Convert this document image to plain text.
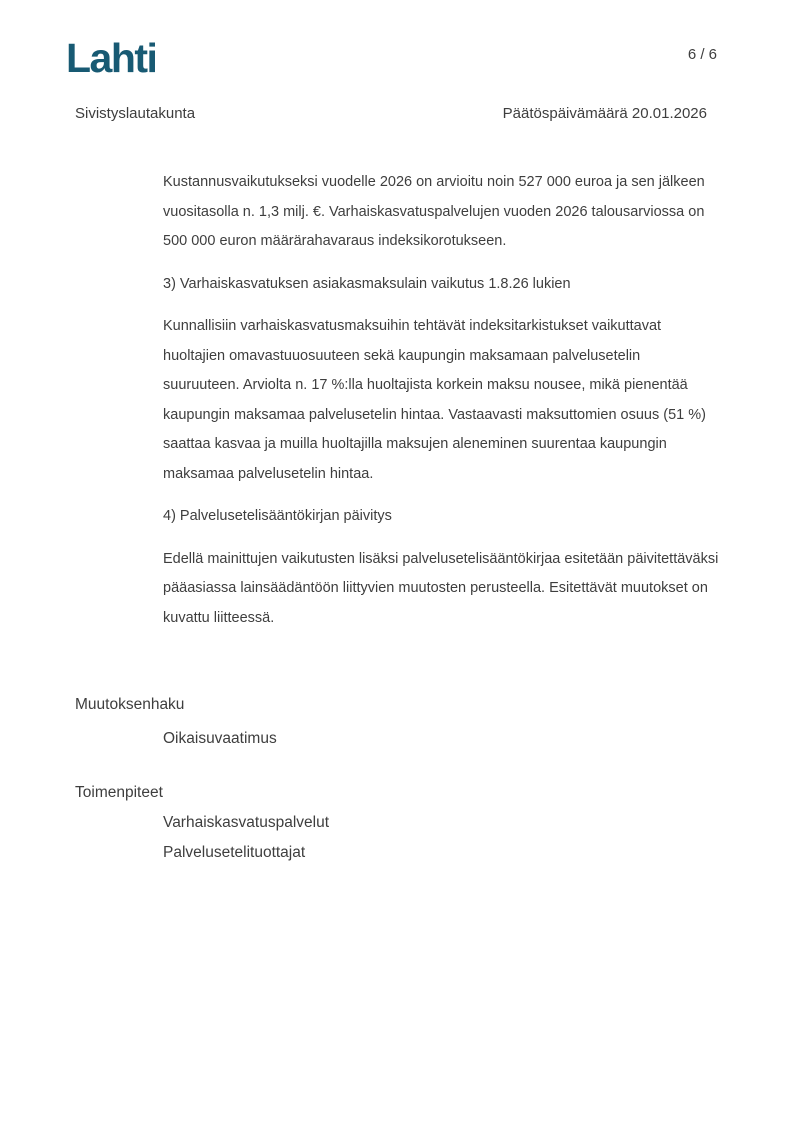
Lahti	6 / 6
Sivistyslautakunta	Päätöspäivämäärä 20.01.2026

Kustannusvaikutukseksi vuodelle 2026 on arvioitu noin 527 000 euroa ja sen jälkeen vuositasolla n. 1,3 milj. €. Varhaiskasvatuspalvelujen vuoden 2026 talousarviossa on 500 000 euron määrärahavaraus indeksikorotukseen.

3) Varhaiskasvatuksen asiakasmaksulain vaikutus 1.8.26 lukien

Kunnallisiin varhaiskasvatusmaksuihin tehtävät indeksitarkistukset vaikuttavat huoltajien omavastuuosuuteen sekä kaupungin maksamaan palvelusetelin suuruuteen. Arviolta n. 17 %:lla huoltajista korkein maksu nousee, mikä pienentää kaupungin maksamaa palvelusetelin hintaa. Vastaavasti maksuttomien osuus (51 %) saattaa kasvaa ja muilla huoltajilla maksujen aleneminen suurentaa kaupungin maksamaa palvelusetelin hintaa.

4) Palvelusetelisääntökirjan päivitys

Edellä mainittujen vaikutusten lisäksi palvelusetelisääntökirjaa esitetään päivitettäväksi pääasiassa lainsäädäntöön liittyvien muutosten perusteella. Esitettävät muutokset on kuvattu liitteessä.

Muutoksenhaku
Oikaisuvaatimus
Toimenpiteet
Varhaiskasvatuspalvelut
Palvelusetelituottajat
